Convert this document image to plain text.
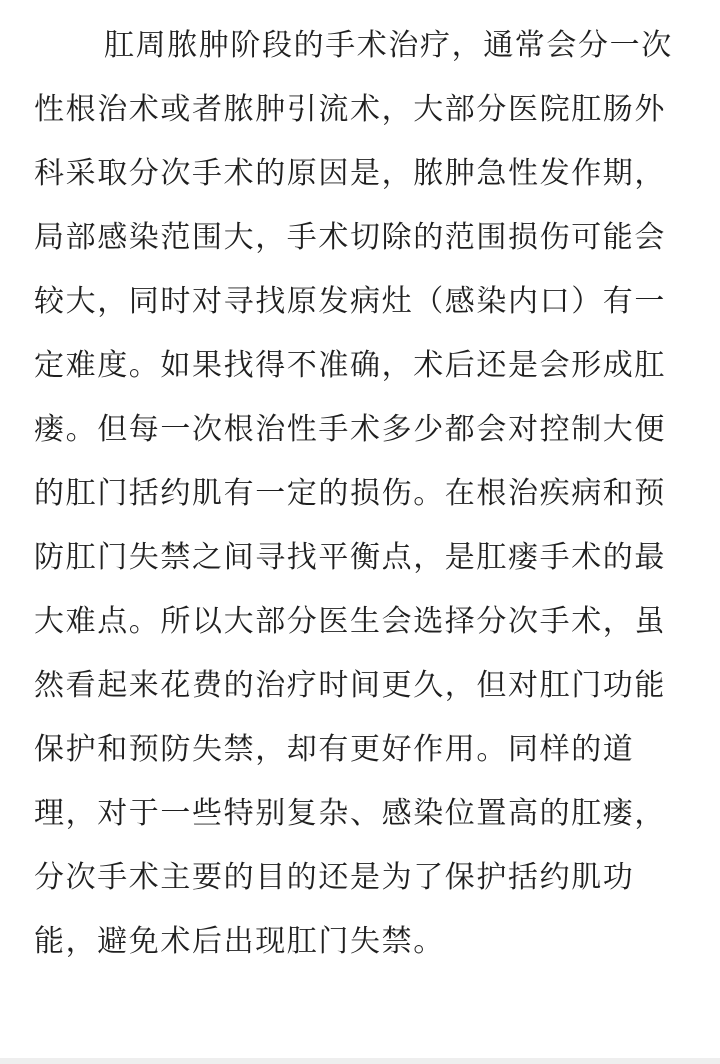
肛周脓肿阶段的手术治疗，通常会分一次
性根治术或者脓肿引流术，大部分医院肛肠外
科采取分次手术的原因是，脓肿急性发作期，
局部感染范围大，手术切除的范围损伤可能会
较大，同时对寻找原发病灶（感染内口）有一
定难度。如果找得不准确，术后还是会形成肛
瘘。但每一次根治性手术多少都会对控制大便
的肛门括约肌有一定的损伤。在根治疾病和预
防肛门失禁之间寻找平衡点，是肛瘘手术的最
大难点。所以大部分医生会选择分次手术，虽
然看起来花费的治疗时间更久，但对肛门功能
保护和预防失禁，却有更好作用。同样的道
理，对于一些特别复杂、感染位置高的肛瘘，
分次手术主要的目的还是为了保护括约肌功
能，避免术后出现肛门失禁。
